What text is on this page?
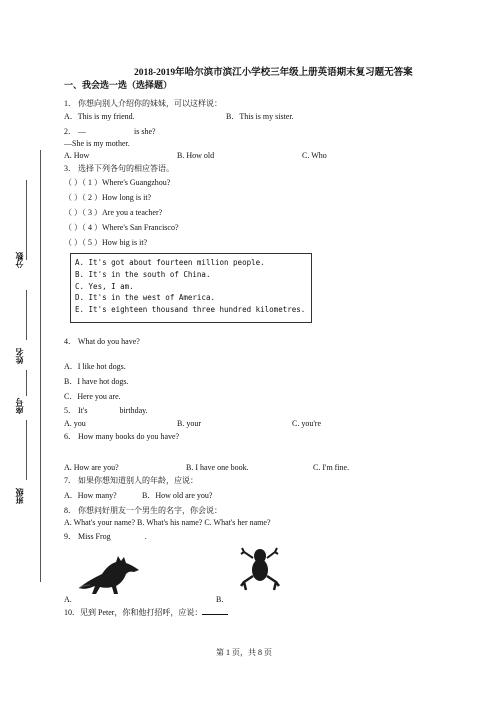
2018-2019年哈尔滨市滨江小学校三年级上册英语期末复习题无答案
一、我会选一选（选择题）
分数
姓名
座号
班级
1． 你想向别人介绍你的妹妹，可以这样说：
A．This is my friend.	B．This is my sister.
2． —	is she?
—She is my mother.
A. How	B. How old	C. Who
3． 选择下列各句的相应答语。
（ ）（ 1 ）Where's Guangzhou?
（ ）（ 2 ）How long is it?
（ ）（ 3 ）Are you a teacher?
（ ）（ 4 ）Where's San Francisco?
（ ）（ 5 ）How big is it?
A. It's got about fourteen million people.
B. It's in the south of China.
C. Yes, I am.
D. It's in the west of America.
E. It's eighteen thousand three hundred kilometres.
4． What do you have?
A．I like hot dogs.
B．I have hot dogs.
C．Here you are.
5． It's	birthday.
A. you	B. your	C. you're
6． How many books do you have?
A. How are you?	B. I have one book.	C. I'm fine.
7． 如果你想知道别人的年龄，应说：
A．How many?	B．How old are you?
8． 你想问好朋友一个男生的名字，你会说：
A. What's your name? B. What's his name? C. What's her name?
9． Miss Frog	.
A.	B.
10．见到 Peter，你和他打招呼，应说：
第 1 页，共 8 页
